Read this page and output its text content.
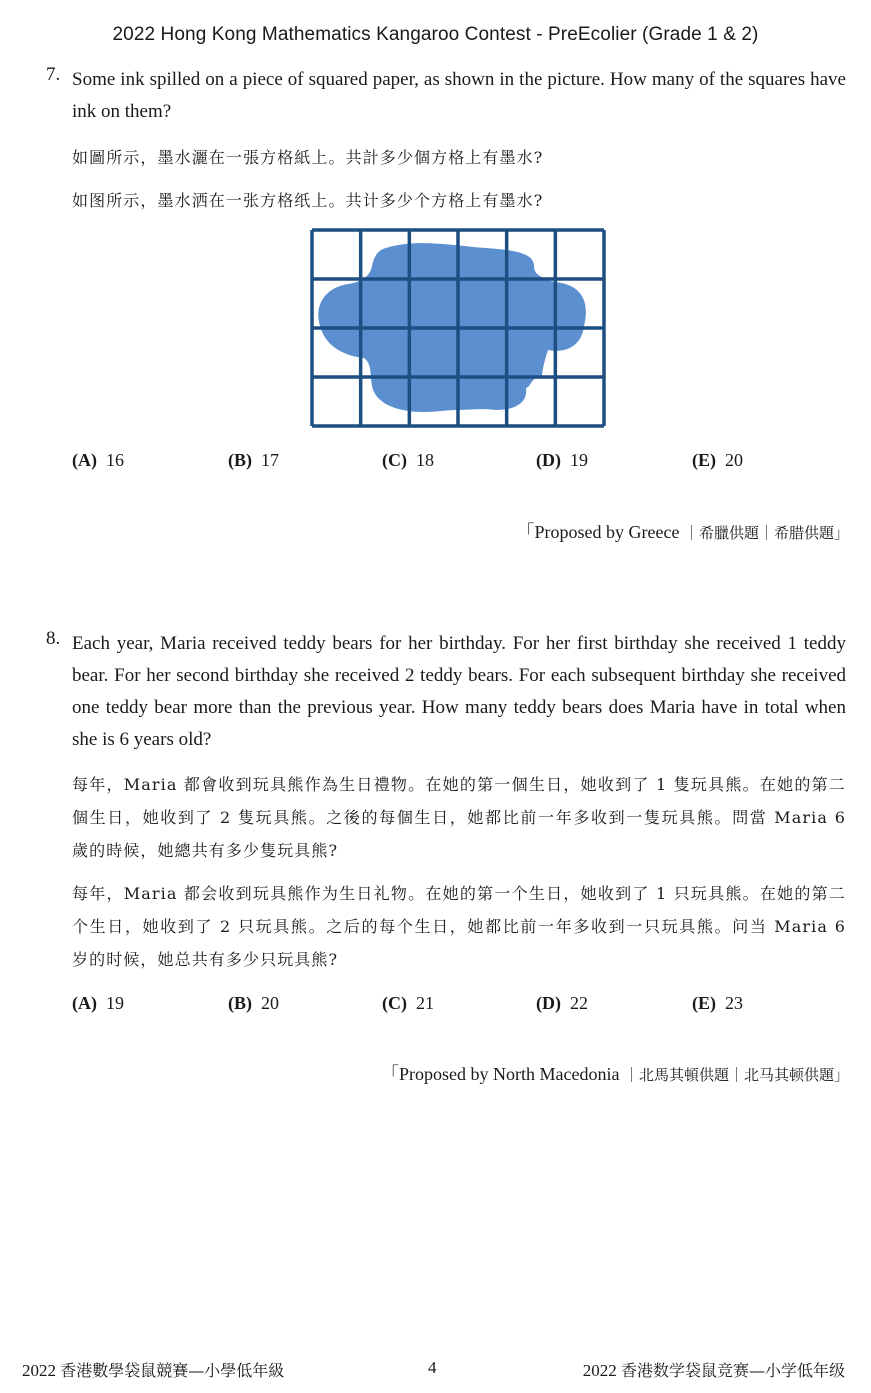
2022 Hong Kong Mathematics Kangaroo Contest - PreEcolier (Grade 1 & 2)
7. Some ink spilled on a piece of squared paper, as shown in the picture. How many of the squares have ink on them?
如圖所示，墨水灑在一張方格紙上。共計多少個方格上有墨水?
如图所示，墨水洒在一张方格纸上。共计多少个方格上有墨水?
(A) 16	(B) 17	(C) 18	(D) 19	(E) 20
「Proposed by Greece ｜希臘供題｜希腊供題」
8. Each year, Maria received teddy bears for her birthday. For her first birthday she received 1 teddy bear. For her second birthday she received 2 teddy bears. For each subsequent birthday she received one teddy bear more than the previous year. How many teddy bears does Maria have in total when she is 6 years old?
每年，Maria 都會收到玩具熊作為生日禮物。在她的第一個生日，她收到了 1 隻玩具熊。在她的第二個生日，她收到了 2 隻玩具熊。之後的每個生日，她都比前一年多收到一隻玩具熊。問當 Maria 6 歲的時候，她總共有多少隻玩具熊?
每年，Maria 都会收到玩具熊作为生日礼物。在她的第一个生日，她收到了 1 只玩具熊。在她的第二个生日，她收到了 2 只玩具熊。之后的每个生日，她都比前一年多收到一只玩具熊。问当 Maria 6 岁的时候，她总共有多少只玩具熊?
(A) 19	(B) 20	(C) 21	(D) 22	(E) 23
「Proposed by North Macedonia ｜北馬其頓供題｜北马其顿供題」
2022 香港數學袋鼠競賽—小學低年級	4	2022 香港数学袋鼠竞赛—小学低年级
